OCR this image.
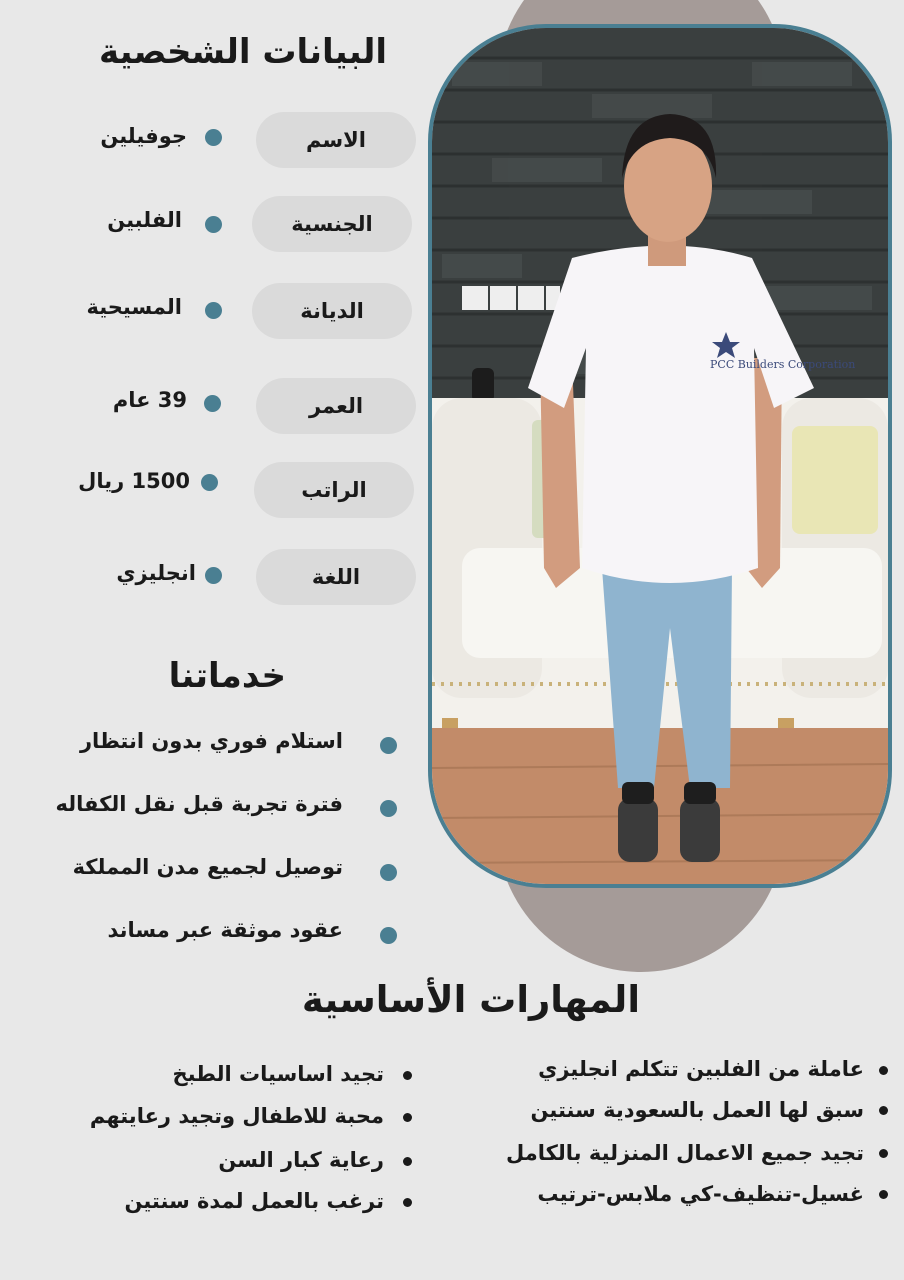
PCC Builders Corporation
البيانات الشخصية
الاسم
جوفيلين
الجنسية
الفلبين
الديانة
المسيحية
العمر
39 عام
الراتب
1500 ريال
اللغة
انجليزي
خدماتنا
استلام فوري بدون انتظار
فترة تجربة قبل نقل الكفاله
توصيل لجميع مدن المملكة
عقود موثقة عبر مساند
المهارات الأساسية
عاملة من الفلبين تتكلم انجليزي
سبق لها العمل بالسعودية سنتين
تجيد جميع الاعمال المنزلية بالكامل
غسيل-تنظيف-كي ملابس-ترتيب
تجيد اساسيات الطبخ
محبة للاطفال وتجيد رعايتهم
رعاية كبار السن
ترغب بالعمل لمدة سنتين
